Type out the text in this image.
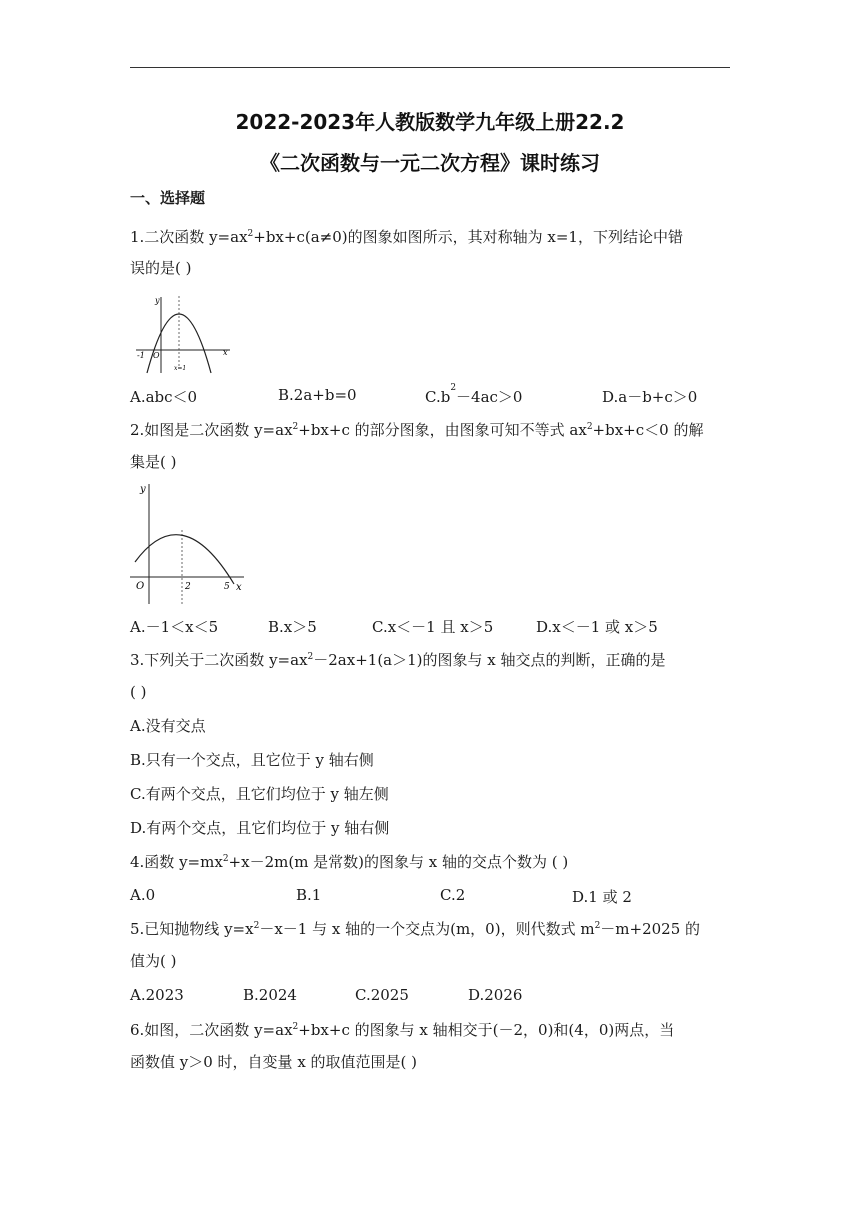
2022-2023年人教版数学九年级上册22.2
《二次函数与一元二次方程》课时练习
一、选择题
1.二次函数 $y=ax^2+bx+c(a\ne 0)$的图象如图所示，其对称轴为 x=1，下列结论中错
误的是( )
y
x
-1 O
x=1
A.abc＜0	B.2a+b=0	$C.b^2-4ac>0$	D.a－b+c＞0
2.如图是二次函数 $y=ax^2+bx+c$ 的部分图象，由图象可知不等式 $ax^2+bx+c<0$ 的解
集是( )
y
x
O	2	5
A.－1＜x＜5	B.x＞5	C.x＜－1 且 x＞5	D.x＜－1 或 x＞5
3.下列关于二次函数 $y=ax^2-2ax+1(a>1)$的图象与 x 轴交点的判断，正确的是
( )
A.没有交点
B.只有一个交点，且它位于 y 轴右侧
C.有两个交点，且它们均位于 y 轴左侧
D.有两个交点，且它们均位于 y 轴右侧
4.函数 $y=mx^2+x-2m(m$ 是常数)的图象与 x 轴的交点个数为 ( )
A.0	B.1	C.2	D.1 或 2
5.已知抛物线 $y=x^2-x-1$ 与 x 轴的一个交点为(m，0)，则代数式 $m^2-m+2025$ 的
值为( )
A.2023	B.2024	C.2025	D.2026
6.如图，二次函数 $y=ax^2+bx+c$ 的图象与 x 轴相交于(－2，0)和(4，0)两点，当
函数值 y＞0 时，自变量 x 的取值范围是( )
